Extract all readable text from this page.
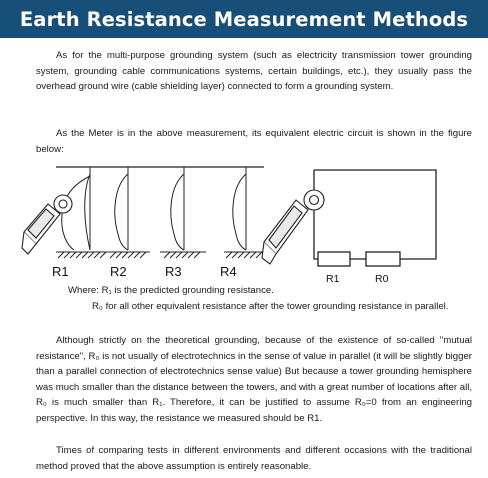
Earth Resistance Measurement Methods

As for the multi-purpose grounding system (such as electricity transmission tower grounding system, grounding cable communications systems, certain buildings, etc.), they usually pass the overhead ground wire (cable shielding layer) connected to form a grounding system.

As the Meter is in the above measurement, its equivalent electric circuit is shown in the figure below:

R1	R2	R3	R4	R1	R0

Where: R₁ is the predicted grounding resistance.

R₀ for all other equivalent resistance after the tower grounding resistance in parallel.

Although strictly on the theoretical grounding, because of the existence of so-called "mutual resistance", R₀ is not usually of electrotechnics in the sense of value in parallel (it will be slightly bigger than a parallel connection of electrotechnics sense value) But because a tower grounding hemisphere was much smaller than the distance between the towers, and with a great number of locations after all, R₀ is much smaller than R₁. Therefore, it can be justified to assume R₀=0 from an engineering perspective. In this way, the resistance we measured should be R1.

Times of comparing tests in different environments and different occasions with the traditional method proved that the above assumption is entirely reasonable.
